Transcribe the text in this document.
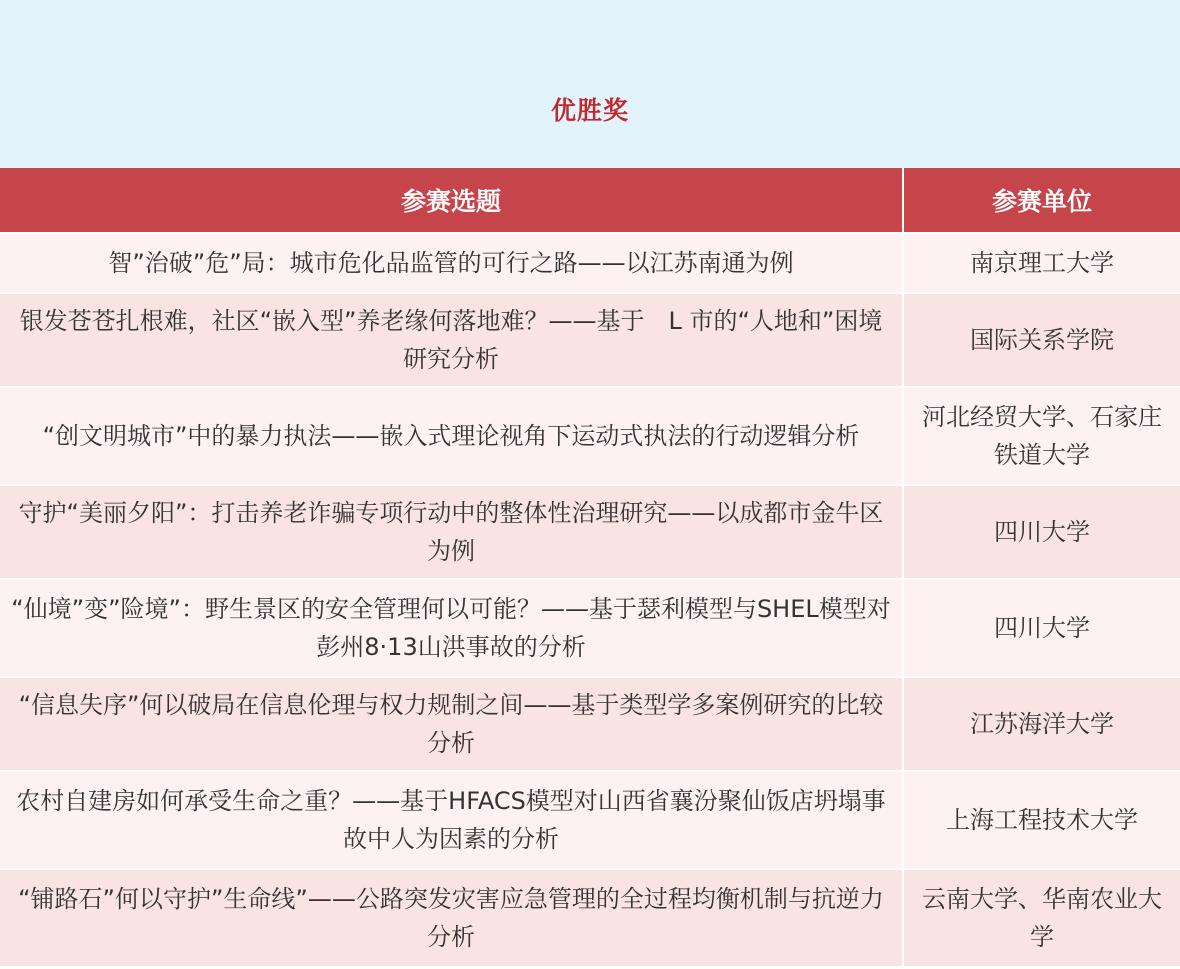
优胜奖
参赛选题	参赛单位
智”治破”危”局：城市危化品监管的可行之路——以江苏南通为例	南京理工大学
银发苍苍扎根难，社区“嵌入型”养老缘何落地难？——基于　L 市的“人地和”困境研究分析	国际关系学院
“创文明城市”中的暴力执法——嵌入式理论视角下运动式执法的行动逻辑分析	河北经贸大学、石家庄铁道大学
守护“美丽夕阳”：打击养老诈骗专项行动中的整体性治理研究——以成都市金牛区为例	四川大学
“仙境”变”险境”：野生景区的安全管理何以可能？——基于瑟利模型与SHEL模型对彭州8·13山洪事故的分析	四川大学
“信息失序”何以破局在信息伦理与权力规制之间——基于类型学多案例研究的比较分析	江苏海洋大学
农村自建房如何承受生命之重？——基于HFACS模型对山西省襄汾聚仙饭店坍塌事故中人为因素的分析	上海工程技术大学
“铺路石”何以守护”生命线”——公路突发灾害应急管理的全过程均衡机制与抗逆力分析	云南大学、华南农业大学
